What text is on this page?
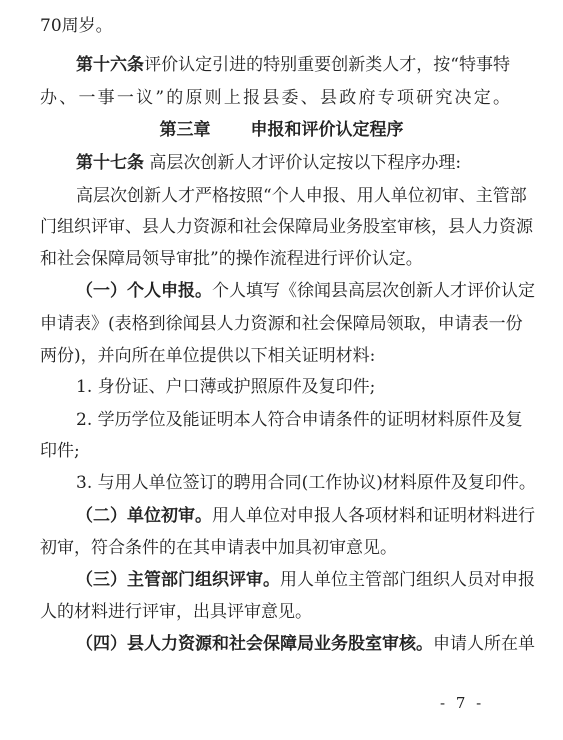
70周岁。
第十六条评价认定引进的特别重要创新类人才，按“特事特
办、一事一议”的原则上报县委、县政府专项研究决定。
第三章 申报和评价认定程序
第十七条 高层次创新人才评价认定按以下程序办理:
高层次创新人才严格按照“个人申报、用人单位初审、主管部
门组织评审、县人力资源和社会保障局业务股室审核，县人力资源
和社会保障局领导审批”的操作流程进行评价认定。
（一）个人申报。个人填写《徐闻县高层次创新人才评价认定
申请表》(表格到徐闻县人力资源和社会保障局领取，申请表一份
两份)，并向所在单位提供以下相关证明材料:
1. 身份证、户口薄或护照原件及复印件;
2. 学历学位及能证明本人符合申请条件的证明材料原件及复
印件;
3. 与用人单位签订的聘用合同(工作协议)材料原件及复印件。
（二）单位初审。用人单位对申报人各项材料和证明材料进行
初审，符合条件的在其申请表中加具初审意见。
（三）主管部门组织评审。用人单位主管部门组织人员对申报
人的材料进行评审，出具评审意见。
（四）县人力资源和社会保障局业务股室审核。申请人所在单
- 7 -
